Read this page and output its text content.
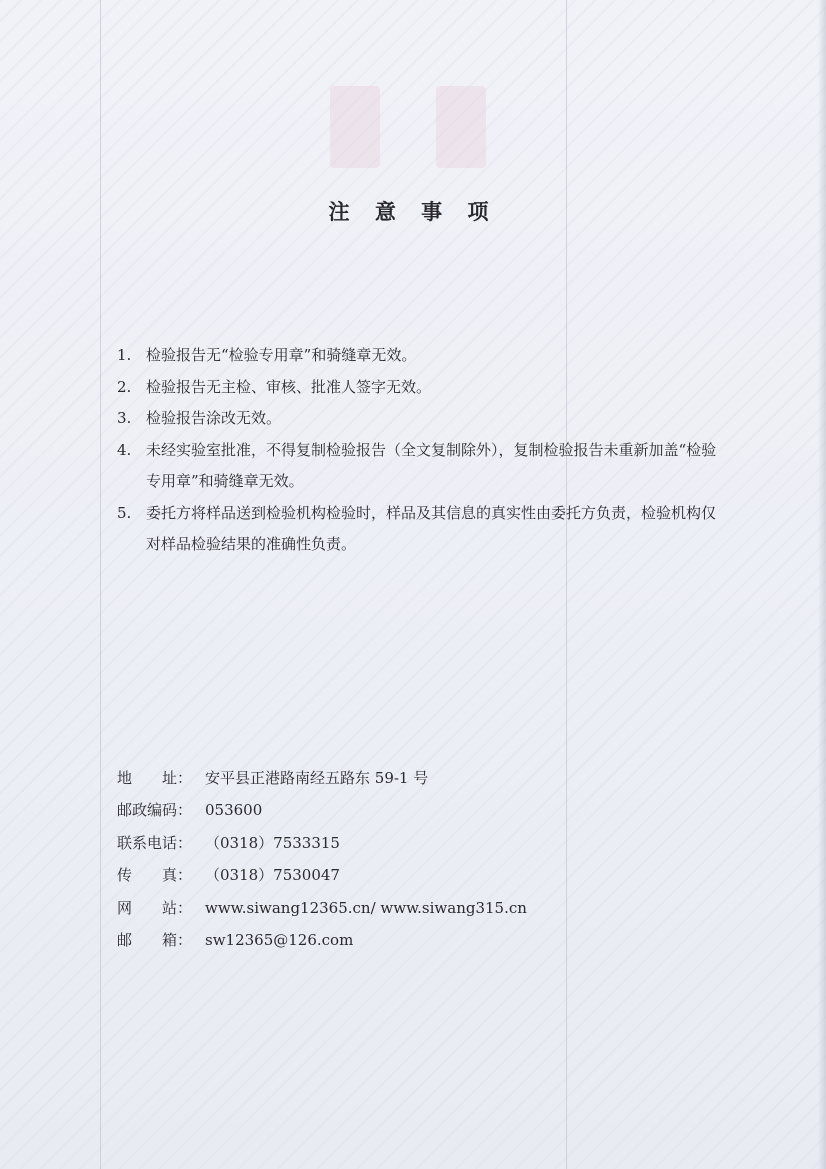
注 意 事 项
1. 检验报告无“检验专用章”和骑缝章无效。
2. 检验报告无主检、审核、批准人签字无效。
3. 检验报告涂改无效。
4. 未经实验室批准，不得复制检验报告（全文复制除外），复制检验报告未重新加盖“检验专用章”和骑缝章无效。
5. 委托方将样品送到检验机构检验时，样品及其信息的真实性由委托方负责，检验机构仅对样品检验结果的准确性负责。
地　　址： 安平县正港路南经五路东 59-1 号
邮政编码： 053600
联系电话： （0318）7533315
传　　真： （0318）7530047
网　　站： www.siwang12365.cn/ www.siwang315.cn
邮　　箱： sw12365@126.com
